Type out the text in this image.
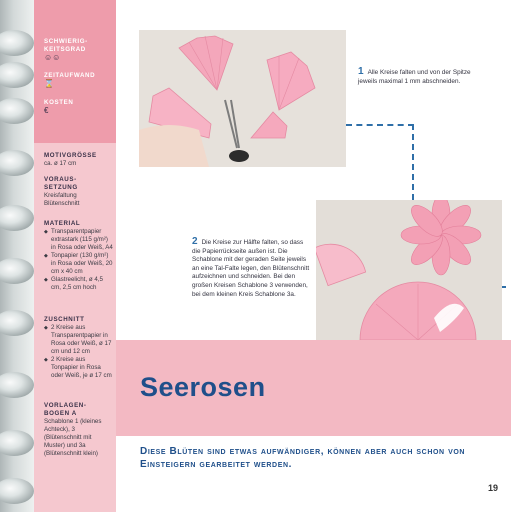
SCHWIERIG-
KEITSGRAD
☺☺
ZEITAUFWAND
⌛
KOSTEN
€
MOTIVGRÖSSE
ca. ø 17 cm
VORAUS-
SETZUNG
Kreisfaltung
Blütenschnitt
MATERIAL
◆ Transparentpapier extrastark (115 g/m²) in Rosa oder Weiß, A4
◆ Tonpapier (130 g/m²) in Rosa oder Weiß, 20 cm x 40 cm
◆ Glastreelicht, ø 4,5 cm, 2,5 cm hoch
ZUSCHNITT
◆ 2 Kreise aus Transparentpapier in Rosa oder Weiß, ø 17 cm und 12 cm
◆ 2 Kreise aus Tonpapier in Rosa oder Weiß, je ø 17 cm
VORLAGEN-
BOGEN A
Schablone 1 (kleines Achteck), 3 (Blütenschnitt mit Muster) und 3a (Blütenschnitt klein)
1 Alle Kreise falten und von der Spitze jeweils maximal 1 mm abschneiden.
2 Die Kreise zur Hälfte falten, so dass die Papierrückseite außen ist. Die Schablone mit der geraden Seite jeweils an eine Tal-Falte legen, den Blütenschnitt aufzeichnen und schneiden. Bei den großen Kreisen Schablone 3 verwenden, bei dem kleinen Kreis Schablone 3a.
Seerosen
Diese Blüten sind etwas aufwändiger, können aber auch schon von Einsteigern gearbeitet werden.
19
